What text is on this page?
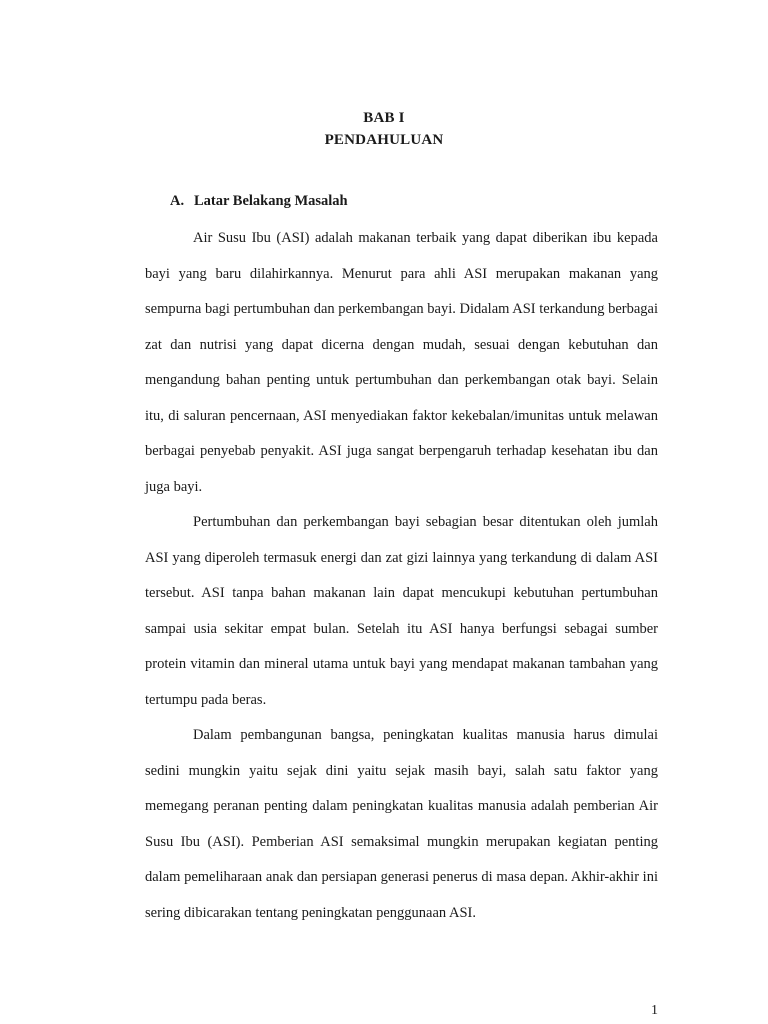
BAB I
PENDAHULUAN
A. Latar Belakang Masalah

Air Susu Ibu (ASI) adalah makanan terbaik yang dapat diberikan ibu kepada bayi yang baru dilahirkannya. Menurut para ahli ASI merupakan makanan yang sempurna bagi pertumbuhan dan perkembangan bayi. Didalam ASI terkandung berbagai zat dan nutrisi yang dapat dicerna dengan mudah, sesuai dengan kebutuhan dan mengandung bahan penting untuk pertumbuhan dan perkembangan otak bayi. Selain itu, di saluran pencernaan, ASI menyediakan faktor kekebalan/imunitas untuk melawan berbagai penyebab penyakit. ASI juga sangat berpengaruh terhadap kesehatan ibu dan juga bayi.

Pertumbuhan dan perkembangan bayi sebagian besar ditentukan oleh jumlah ASI yang diperoleh termasuk energi dan zat gizi lainnya yang terkandung di dalam ASI tersebut. ASI tanpa bahan makanan lain dapat mencukupi kebutuhan pertumbuhan sampai usia sekitar empat bulan. Setelah itu ASI hanya berfungsi sebagai sumber protein vitamin dan mineral utama untuk bayi yang mendapat makanan tambahan yang tertumpu pada beras.

Dalam pembangunan bangsa, peningkatan kualitas manusia harus dimulai sedini mungkin yaitu sejak dini yaitu sejak masih bayi, salah satu faktor yang memegang peranan penting dalam peningkatan kualitas manusia adalah pemberian Air Susu Ibu (ASI). Pemberian ASI semaksimal mungkin merupakan kegiatan penting dalam pemeliharaan anak dan persiapan generasi penerus di masa depan. Akhir-akhir ini sering dibicarakan tentang peningkatan penggunaan ASI.

1
